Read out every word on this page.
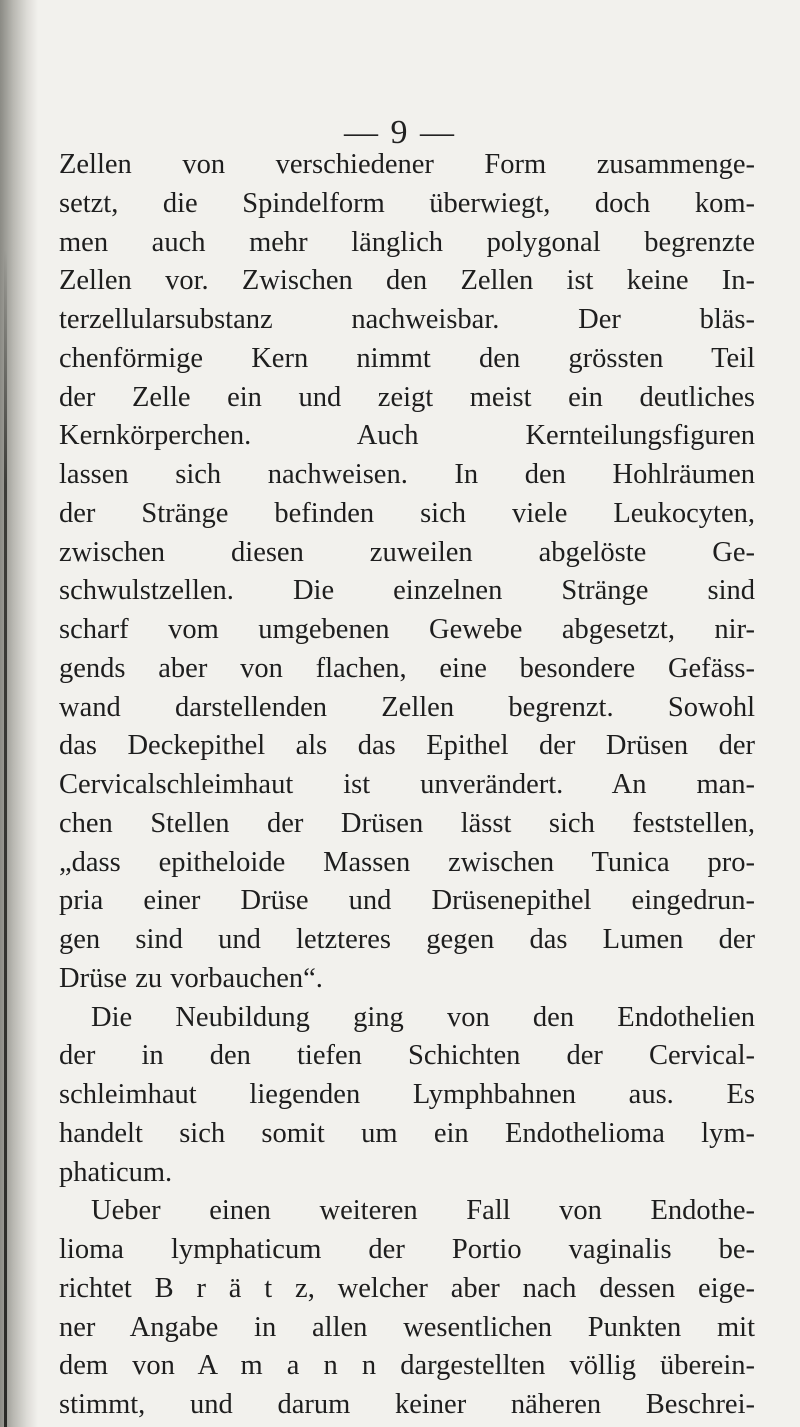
— 9 —
Zellen von verschiedener Form zusammenge-
setzt, die Spindelform überwiegt, doch kom-
men auch mehr länglich polygonal begrenzte
Zellen vor. Zwischen den Zellen ist keine In-
terzellularsubstanz nachweisbar. Der bläs-
chenförmige Kern nimmt den grössten Teil
der Zelle ein und zeigt meist ein deutliches
Kernkörperchen. Auch Kernteilungsfiguren
lassen sich nachweisen. In den Hohlräumen
der Stränge befinden sich viele Leukocyten,
zwischen diesen zuweilen abgelöste Ge-
schwulstzellen. Die einzelnen Stränge sind
scharf vom umgebenen Gewebe abgesetzt, nir-
gends aber von flachen, eine besondere Gefäss-
wand darstellenden Zellen begrenzt. Sowohl
das Deckepithel als das Epithel der Drüsen der
Cervicalschleimhaut ist unverändert. An man-
chen Stellen der Drüsen lässt sich feststellen,
„dass epitheloide Massen zwischen Tunica pro-
pria einer Drüse und Drüsenepithel eingedrun-
gen sind und letzteres gegen das Lumen der
Drüse zu vorbauchen“.
Die Neubildung ging von den Endothelien
der in den tiefen Schichten der Cervical-
schleimhaut liegenden Lymphbahnen aus. Es
handelt sich somit um ein Endothelioma lym-
phaticum.
Ueber einen weiteren Fall von Endothe-
lioma lymphaticum der Portio vaginalis be-
richtet B r ä t z, welcher aber nach dessen eige-
ner Angabe in allen wesentlichen Punkten mit
dem von A m a n n dargestellten völlig überein-
stimmt, und darum keiner näheren Beschrei-
